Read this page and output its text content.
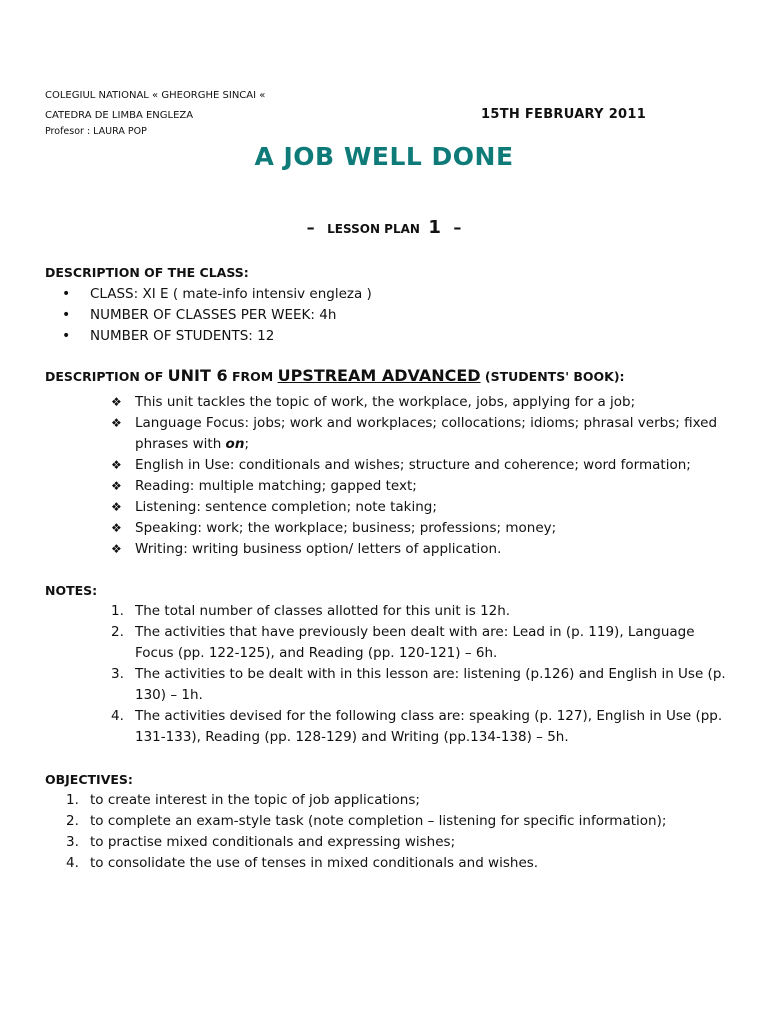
COLEGIUL NATIONAL « GHEORGHE SINCAI «
CATEDRA DE LIMBA ENGLEZA
Profesor : LAURA POP
15TH FEBRUARY 2011
A JOB WELL DONE
– LESSON PLAN 1 –
DESCRIPTION OF THE CLASS:
• CLASS: XI E ( mate-info intensiv engleza )
• NUMBER OF CLASSES PER WEEK: 4h
• NUMBER OF STUDENTS: 12
DESCRIPTION OF UNIT 6 FROM UPSTREAM ADVANCED (STUDENTS' BOOK):
❖ This unit tackles the topic of work, the workplace, jobs, applying for a job;
❖ Language Focus: jobs; work and workplaces; collocations; idioms; phrasal verbs; fixed phrases with on;
❖ English in Use: conditionals and wishes; structure and coherence; word formation;
❖ Reading: multiple matching; gapped text;
❖ Listening: sentence completion; note taking;
❖ Speaking: work; the workplace; business; professions; money;
❖ Writing: writing business option/ letters of application.
NOTES:
1. The total number of classes allotted for this unit is 12h.
2. The activities that have previously been dealt with are: Lead in (p. 119), Language Focus (pp. 122-125), and Reading (pp. 120-121) – 6h.
3. The activities to be dealt with in this lesson are: listening (p.126) and English in Use (p. 130) – 1h.
4. The activities devised for the following class are: speaking (p. 127), English in Use (pp. 131-133), Reading (pp. 128-129) and Writing (pp.134-138) – 5h.
OBJECTIVES:
1. to create interest in the topic of job applications;
2. to complete an exam-style task (note completion – listening for specific information);
3. to practise mixed conditionals and expressing wishes;
4. to consolidate the use of tenses in mixed conditionals and wishes.
